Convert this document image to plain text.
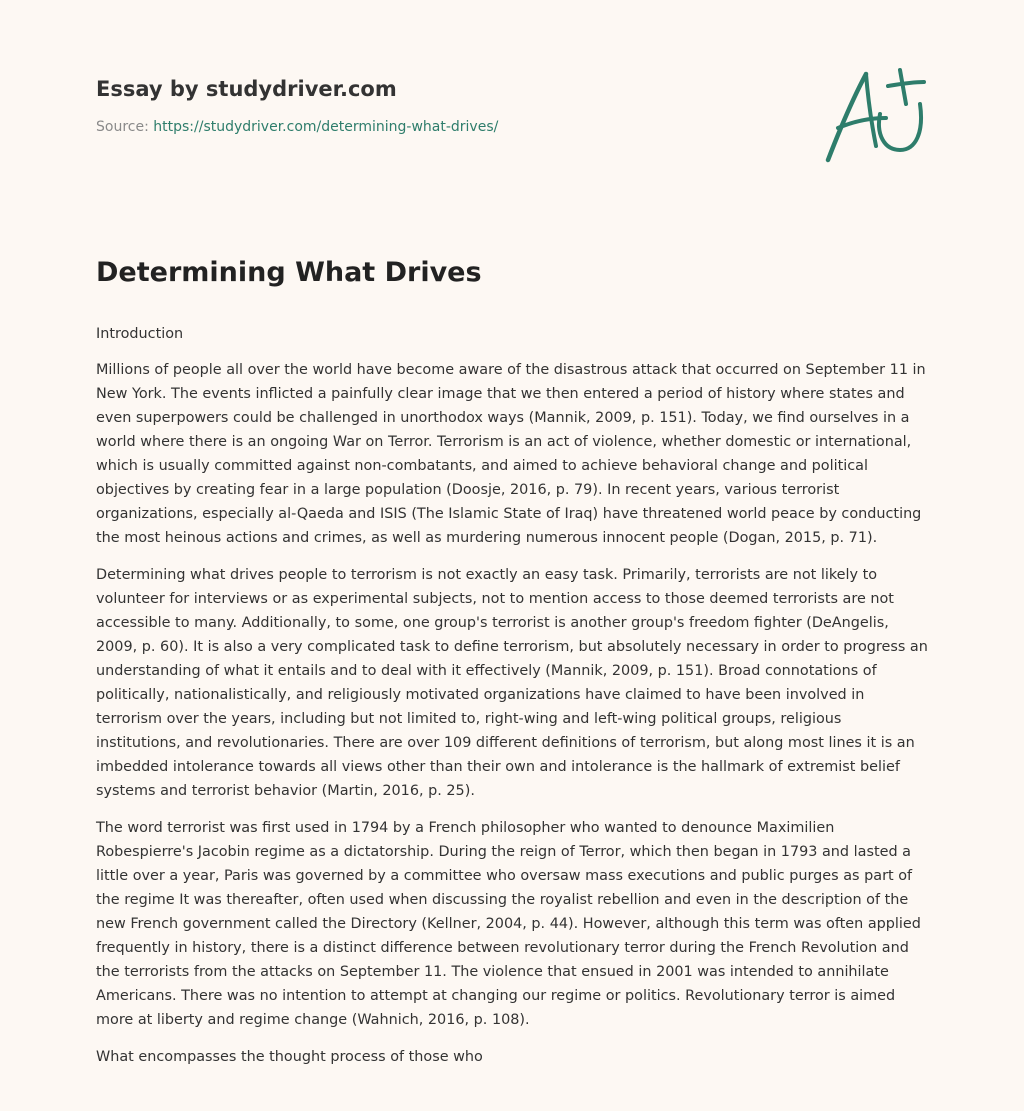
Essay by studydriver.com
Source: https://studydriver.com/determining-what-drives/
Determining What Drives

Introduction

Millions of people all over the world have become aware of the disastrous attack that occurred on September 11 in New York. The events inflicted a painfully clear image that we then entered a period of history where states and even superpowers could be challenged in unorthodox ways (Mannik, 2009, p. 151). Today, we find ourselves in a world where there is an ongoing War on Terror. Terrorism is an act of violence, whether domestic or international, which is usually committed against non-combatants, and aimed to achieve behavioral change and political objectives by creating fear in a large population (Doosje, 2016, p. 79). In recent years, various terrorist organizations, especially al-Qaeda and ISIS (The Islamic State of Iraq) have threatened world peace by conducting the most heinous actions and crimes, as well as murdering numerous innocent people (Dogan, 2015, p. 71).

Determining what drives people to terrorism is not exactly an easy task. Primarily, terrorists are not likely to volunteer for interviews or as experimental subjects, not to mention access to those deemed terrorists are not accessible to many. Additionally, to some, one group's terrorist is another group's freedom fighter (DeAngelis, 2009, p. 60). It is also a very complicated task to define terrorism, but absolutely necessary in order to progress an understanding of what it entails and to deal with it effectively (Mannik, 2009, p. 151). Broad connotations of politically, nationalistically, and religiously motivated organizations have claimed to have been involved in terrorism over the years, including but not limited to, right-wing and left-wing political groups, religious institutions, and revolutionaries. There are over 109 different definitions of terrorism, but along most lines it is an imbedded intolerance towards all views other than their own and intolerance is the hallmark of extremist belief systems and terrorist behavior (Martin, 2016, p. 25).

The word terrorist was first used in 1794 by a French philosopher who wanted to denounce Maximilien Robespierre's Jacobin regime as a dictatorship. During the reign of Terror, which then began in 1793 and lasted a little over a year, Paris was governed by a committee who oversaw mass executions and public purges as part of the regime It was thereafter, often used when discussing the royalist rebellion and even in the description of the new French government called the Directory (Kellner, 2004, p. 44). However, although this term was often applied frequently in history, there is a distinct difference between revolutionary terror during the French Revolution and the terrorists from the attacks on September 11. The violence that ensued in 2001 was intended to annihilate Americans. There was no intention to attempt at changing our regime or politics. Revolutionary terror is aimed more at liberty and regime change (Wahnich, 2016, p. 108).

What encompasses the thought process of those who
